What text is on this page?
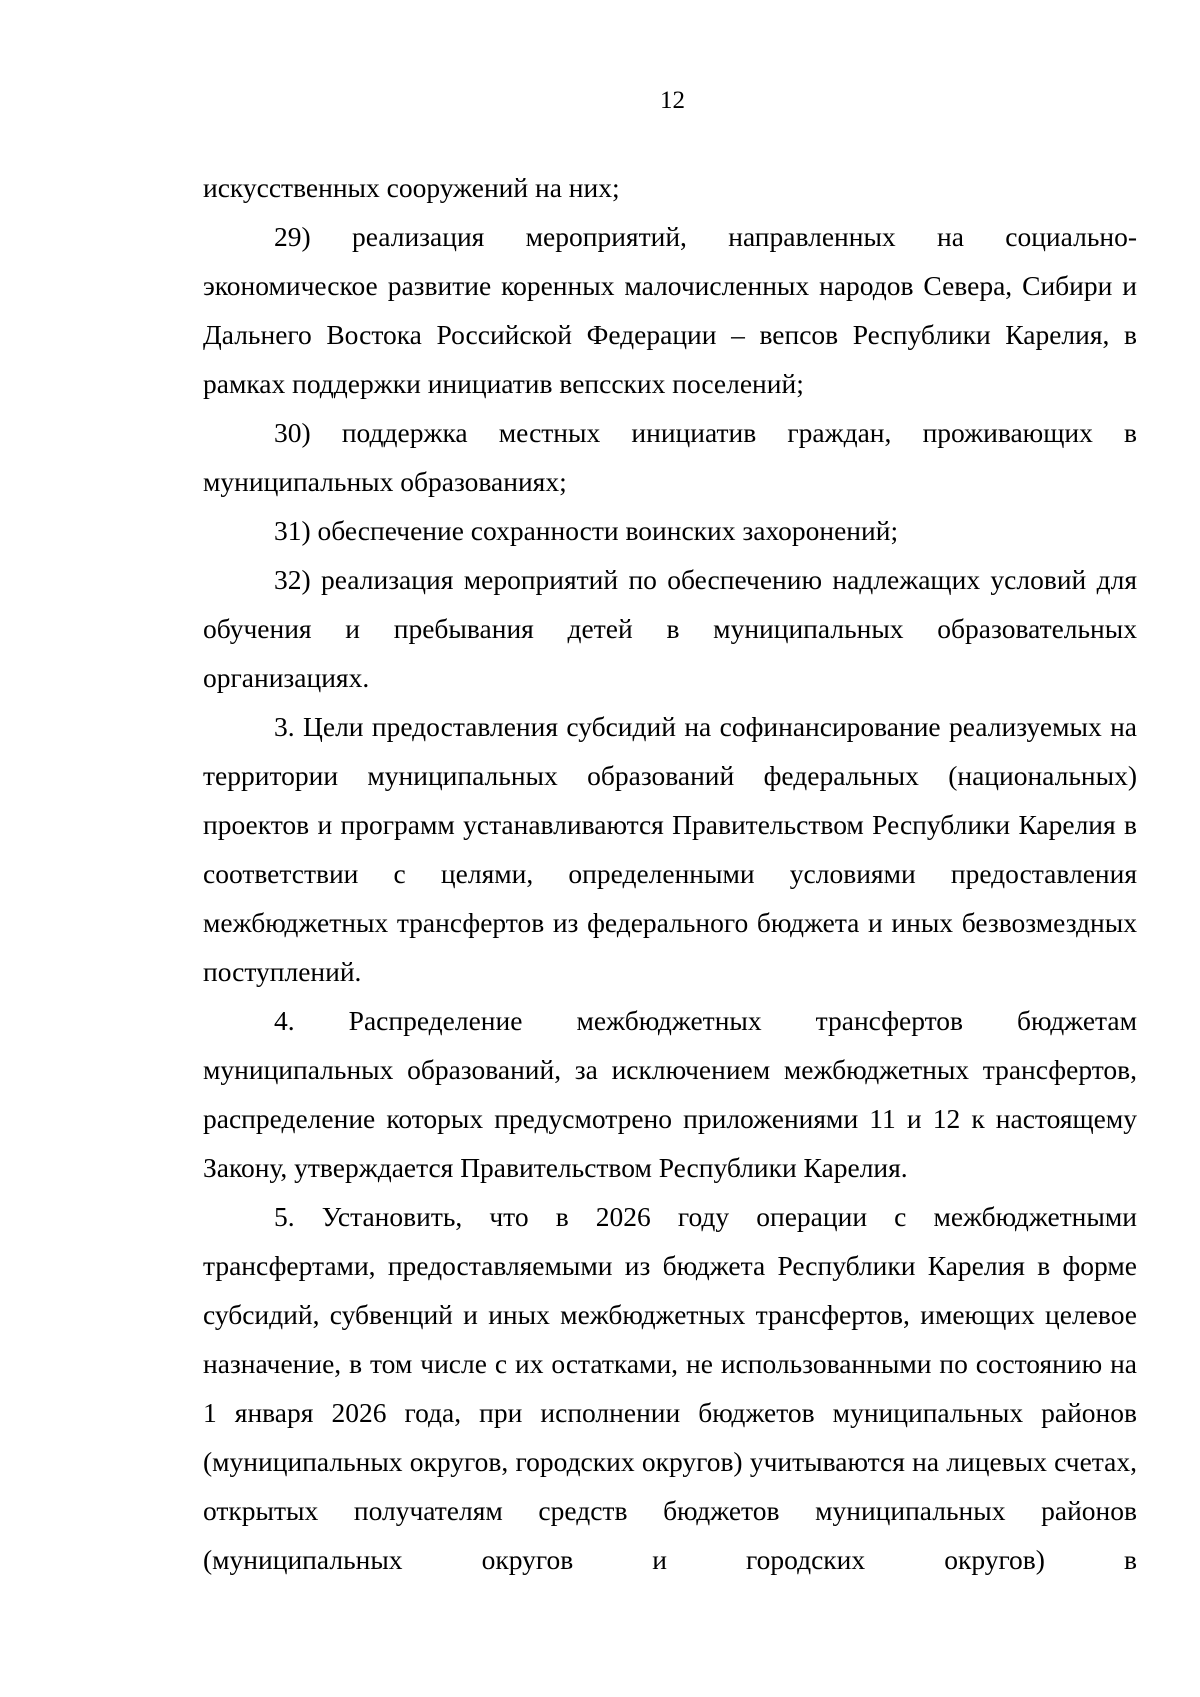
12

искусственных сооружений на них;

29) реализация мероприятий, направленных на социально-экономическое развитие коренных малочисленных народов Севера, Сибири и Дальнего Востока Российской Федерации – вепсов Республики Карелия, в рамках поддержки инициатив вепсских поселений;

30) поддержка местных инициатив граждан, проживающих в муниципальных образованиях;

31) обеспечение сохранности воинских захоронений;

32) реализация мероприятий по обеспечению надлежащих условий для обучения и пребывания детей в муниципальных образовательных организациях.

3. Цели предоставления субсидий на софинансирование реализуемых на территории муниципальных образований федеральных (национальных) проектов и программ устанавливаются Правительством Республики Карелия в соответствии с целями, определенными условиями предоставления межбюджетных трансфертов из федерального бюджета и иных безвозмездных поступлений.

4. Распределение межбюджетных трансфертов бюджетам муниципальных образований, за исключением межбюджетных трансфертов, распределение которых предусмотрено приложениями 11 и 12 к настоящему Закону, утверждается Правительством Республики Карелия.

5. Установить, что в 2026 году операции с межбюджетными трансфертами, предоставляемыми из бюджета Республики Карелия в форме субсидий, субвенций и иных межбюджетных трансфертов, имеющих целевое назначение, в том числе с их остатками, не использованными по состоянию на 1 января 2026 года, при исполнении бюджетов муниципальных районов (муниципальных округов, городских округов) учитываются на лицевых счетах, открытых получателям средств бюджетов муниципальных районов (муниципальных округов и городских округов) в
